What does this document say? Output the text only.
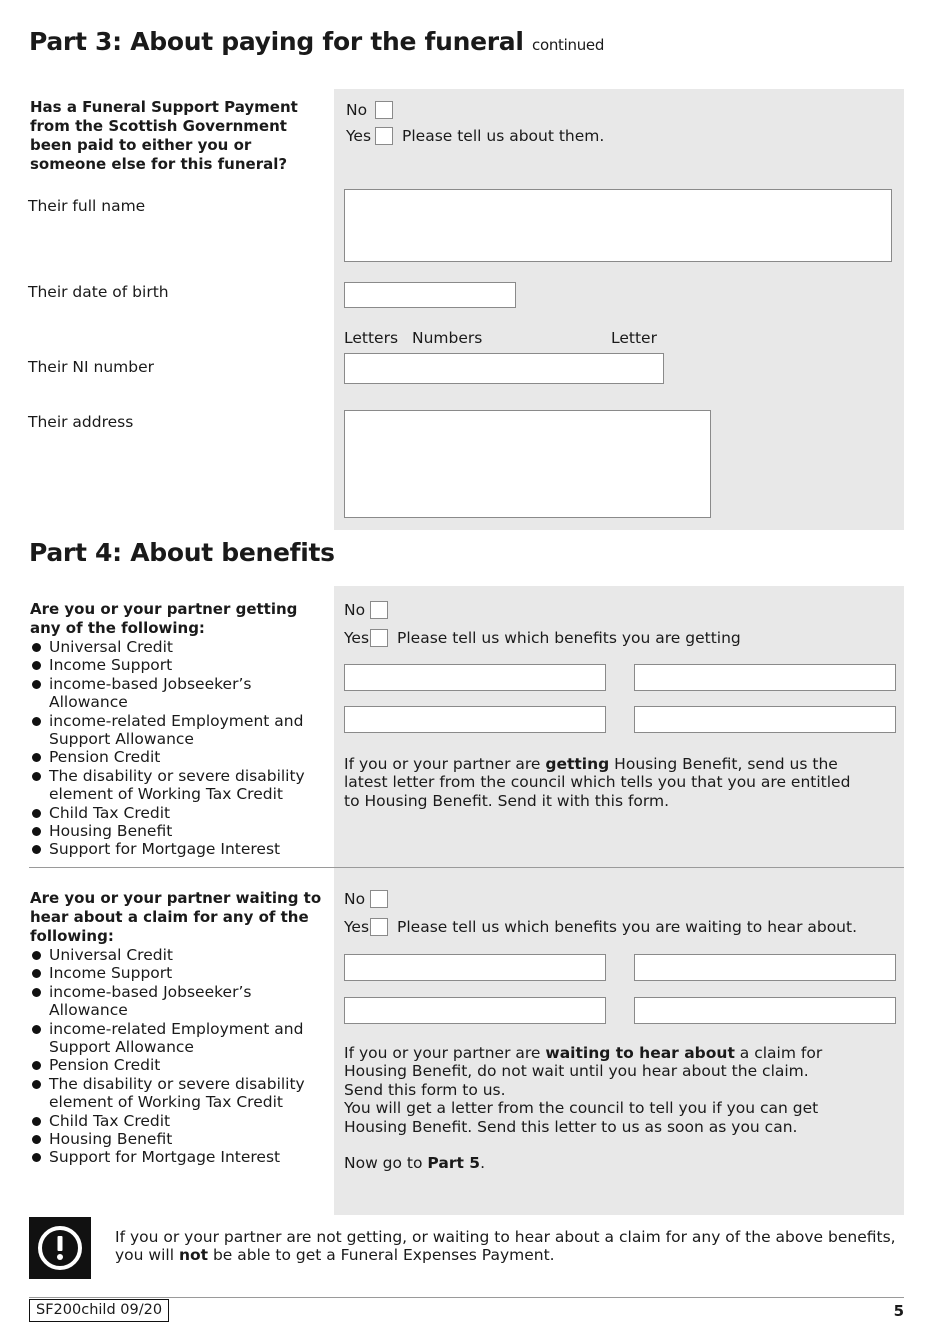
Part 3: About paying for the funeral continued
Has a Funeral Support Payment from the Scottish Government been paid to either you or someone else for this funeral?
No
Yes Please tell us about them.
Their full name
Their date of birth
Letters Numbers	Letter
Their NI number
Their address
Part 4: About benefits
Are you or your partner getting any of the following:
Universal Credit
Income Support
income-based Jobseeker’s Allowance
income-related Employment and Support Allowance
Pension Credit
The disability or severe disability element of Working Tax Credit
Child Tax Credit
Housing Benefit
Support for Mortgage Interest
No
Yes Please tell us which benefits you are getting
If you or your partner are getting Housing Benefit, send us the latest letter from the council which tells you that you are entitled to Housing Benefit. Send it with this form.
Are you or your partner waiting to hear about a claim for any of the following:
Universal Credit
Income Support
income-based Jobseeker’s Allowance
income-related Employment and Support Allowance
Pension Credit
The disability or severe disability element of Working Tax Credit
Child Tax Credit
Housing Benefit
Support for Mortgage Interest
No
Yes Please tell us which benefits you are waiting to hear about.
If you or your partner are waiting to hear about a claim for Housing Benefit, do not wait until you hear about the claim. Send this form to us.
You will get a letter from the council to tell you if you can get Housing Benefit. Send this letter to us as soon as you can.
Now go to Part 5.
If you or your partner are not getting, or waiting to hear about a claim for any of the above benefits, you will not be able to get a Funeral Expenses Payment.
SF200child 09/20	5
